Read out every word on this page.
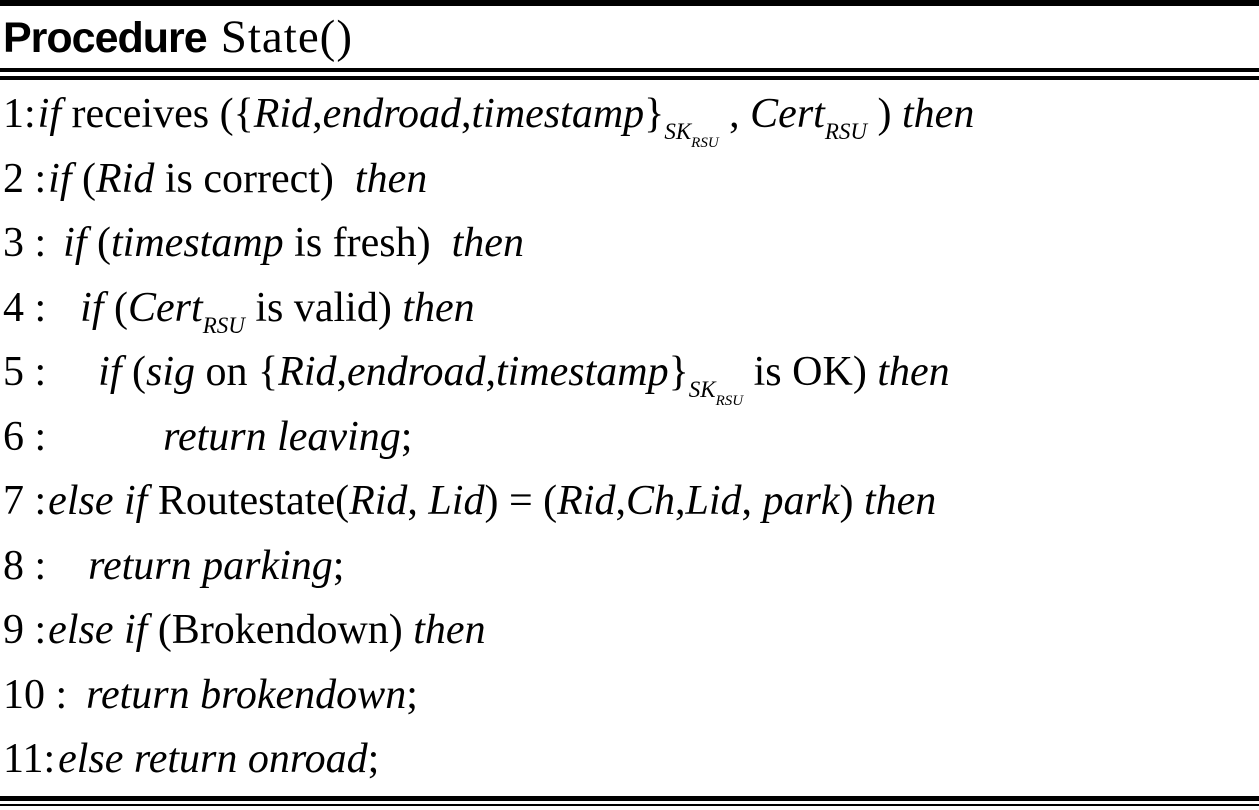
Procedure State()
1:if receives ($\{Rid,endroad,timestamp\}_{SKRSU}$ , Cert$_{RSU}$ ) then
2 :if (Rid is correct)  then
3 : if (timestamp is fresh)  then
4 : if (Cert$_{RSU}$ is valid) then
5 : if (sig on $\{Rid,endroad,timestamp\}_{SKRSU}$ is OK) then
6 :	return leaving;
7 :else if Routestate(Rid, Lid) = (Rid,Ch,Lid, park) then
8 : return parking;
9 :else if (Brokendown) then
10 : return brokendown;
11:else return onroad;
